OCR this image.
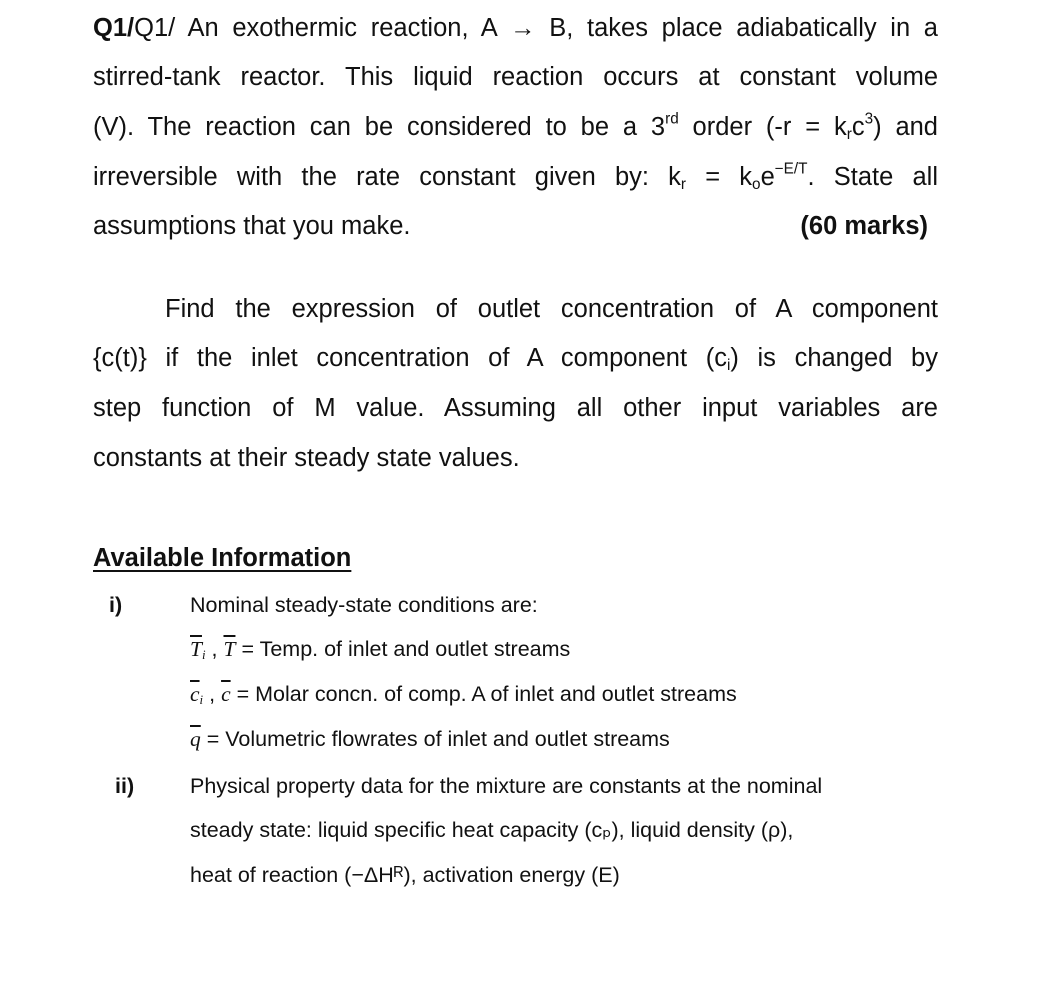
Q1/Q1/ An exothermic reaction, A → B, takes place adiabatically in a
stirred-tank reactor. This liquid reaction occurs at constant volume
(V). The reaction can be considered to be a 3rd order $(-r = k_rc^3)$ and
irreversible with the rate constant given by: $k_r = k_oe^{-E/T}$. State all
assumptions that you make.	(60 marks)
Find the expression of outlet concentration of A component
{c(t)} if the inlet concentration of A component $(c_i)$ is changed by
step function of M value. Assuming all other input variables are
constants at their steady state values.
Available Information
i)	Nominal steady-state conditions are:
$\overline{T}_i$ , $\overline{T}$ = Temp. of inlet and outlet streams
$\overline{c}_i$ , $\overline{c}$ = Molar concn. of comp. A of inlet and outlet streams
$\overline{q}$ = Volumetric flowrates of inlet and outlet streams
ii)	Physical property data for the mixture are constants at the nominal
steady state: liquid specific heat capacity (cₚ), liquid density (ρ),
heat of reaction (−ΔHᴿ), activation energy (E)
